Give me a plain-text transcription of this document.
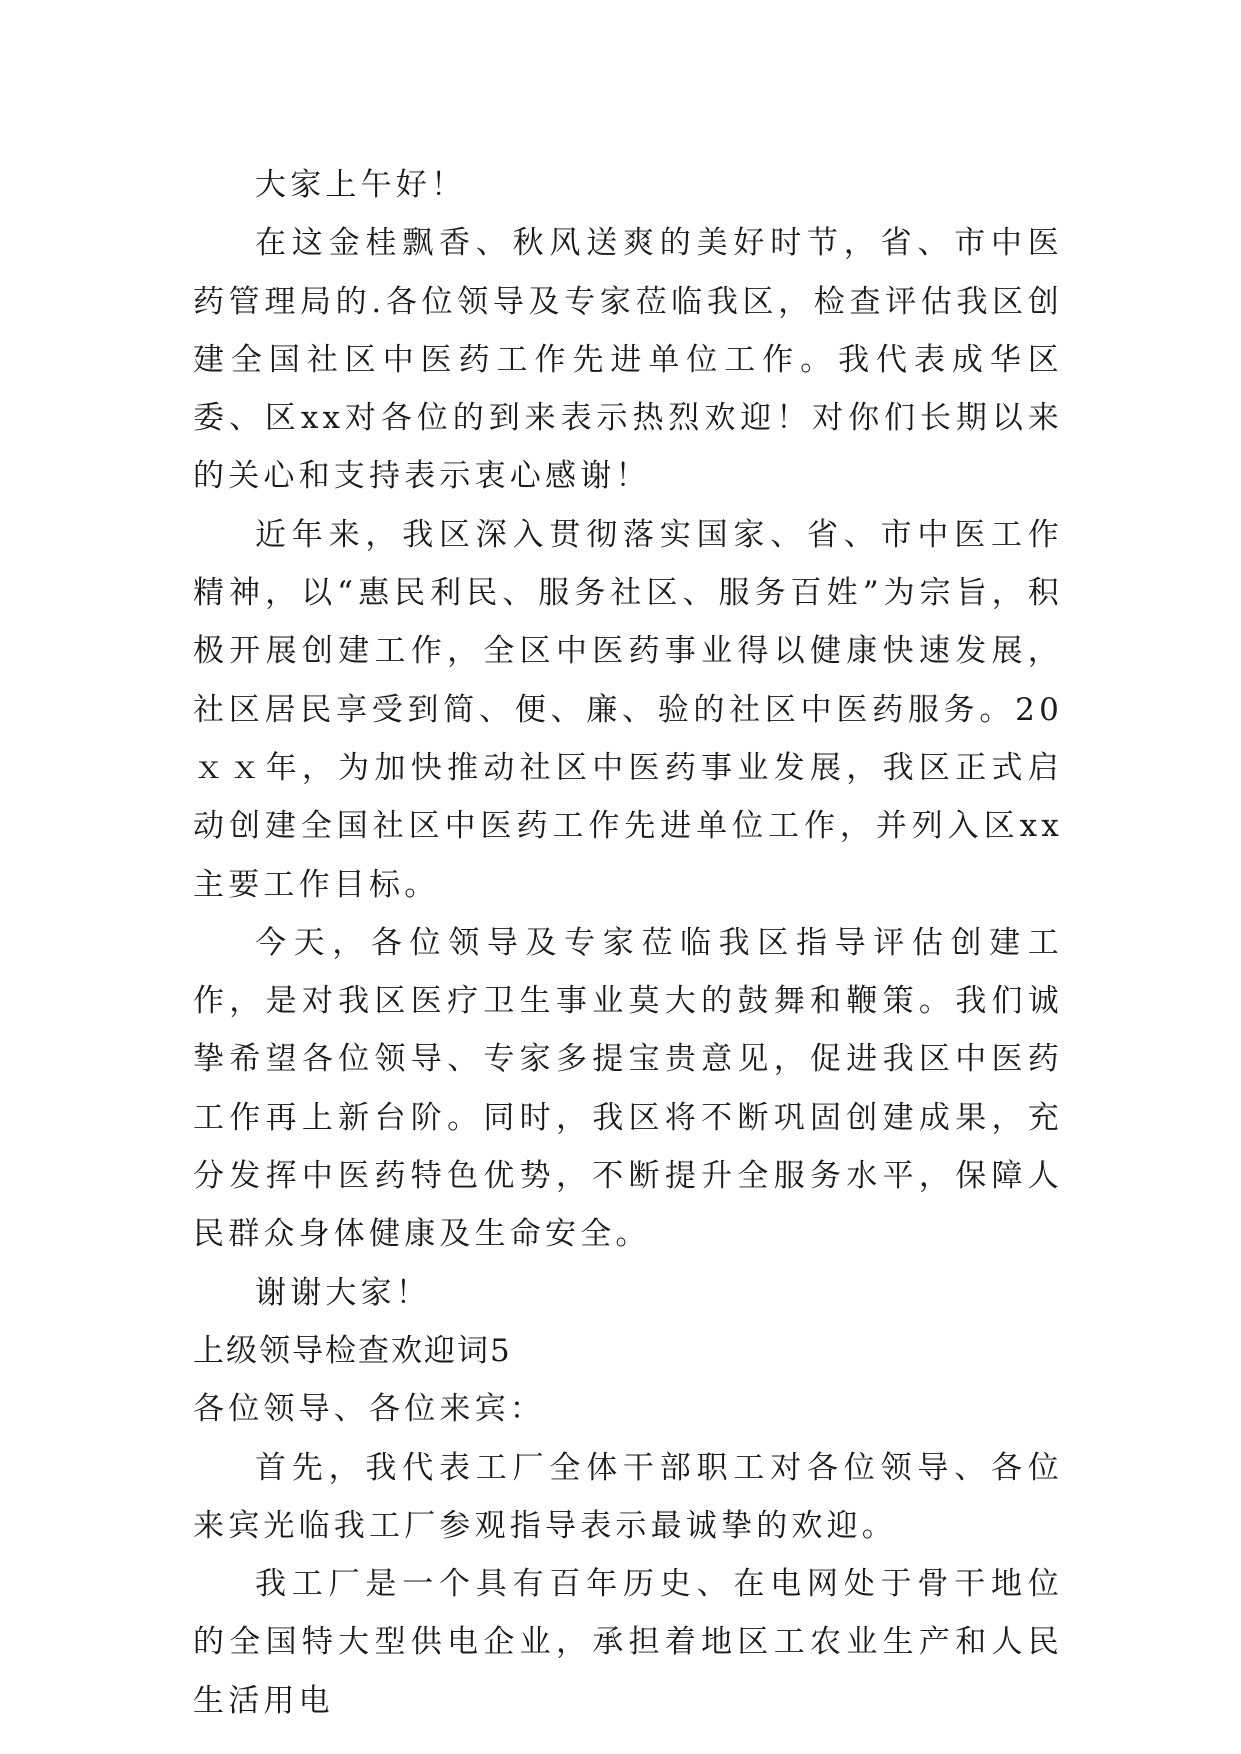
大家上午好！

在这金桂飘香、秋风送爽的美好时节，省、市中医药管理局的.各位领导及专家莅临我区，检查评估我区创建全国社区中医药工作先进单位工作。我代表成华区委、区xx对各位的到来表示热烈欢迎！对你们长期以来的关心和支持表示衷心感谢！

近年来，我区深入贯彻落实国家、省、市中医工作精神，以“惠民利民、服务社区、服务百姓”为宗旨，积极开展创建工作，全区中医药事业得以健康快速发展，社区居民享受到简、便、廉、验的社区中医药服务。20ｘｘ年，为加快推动社区中医药事业发展，我区正式启动创建全国社区中医药工作先进单位工作，并列入区xx主要工作目标。

今天，各位领导及专家莅临我区指导评估创建工作，是对我区医疗卫生事业莫大的鼓舞和鞭策。我们诚挚希望各位领导、专家多提宝贵意见，促进我区中医药工作再上新台阶。同时，我区将不断巩固创建成果，充分发挥中医药特色优势，不断提升全服务水平，保障人民群众身体健康及生命安全。

谢谢大家！

上级领导检查欢迎词5

各位领导、各位来宾：

首先，我代表工厂全体干部职工对各位领导、各位来宾光临我工厂参观指导表示最诚挚的欢迎。

我工厂是一个具有百年历史、在电网处于骨干地位的全国特大型供电企业，承担着地区工农业生产和人民生活用电
